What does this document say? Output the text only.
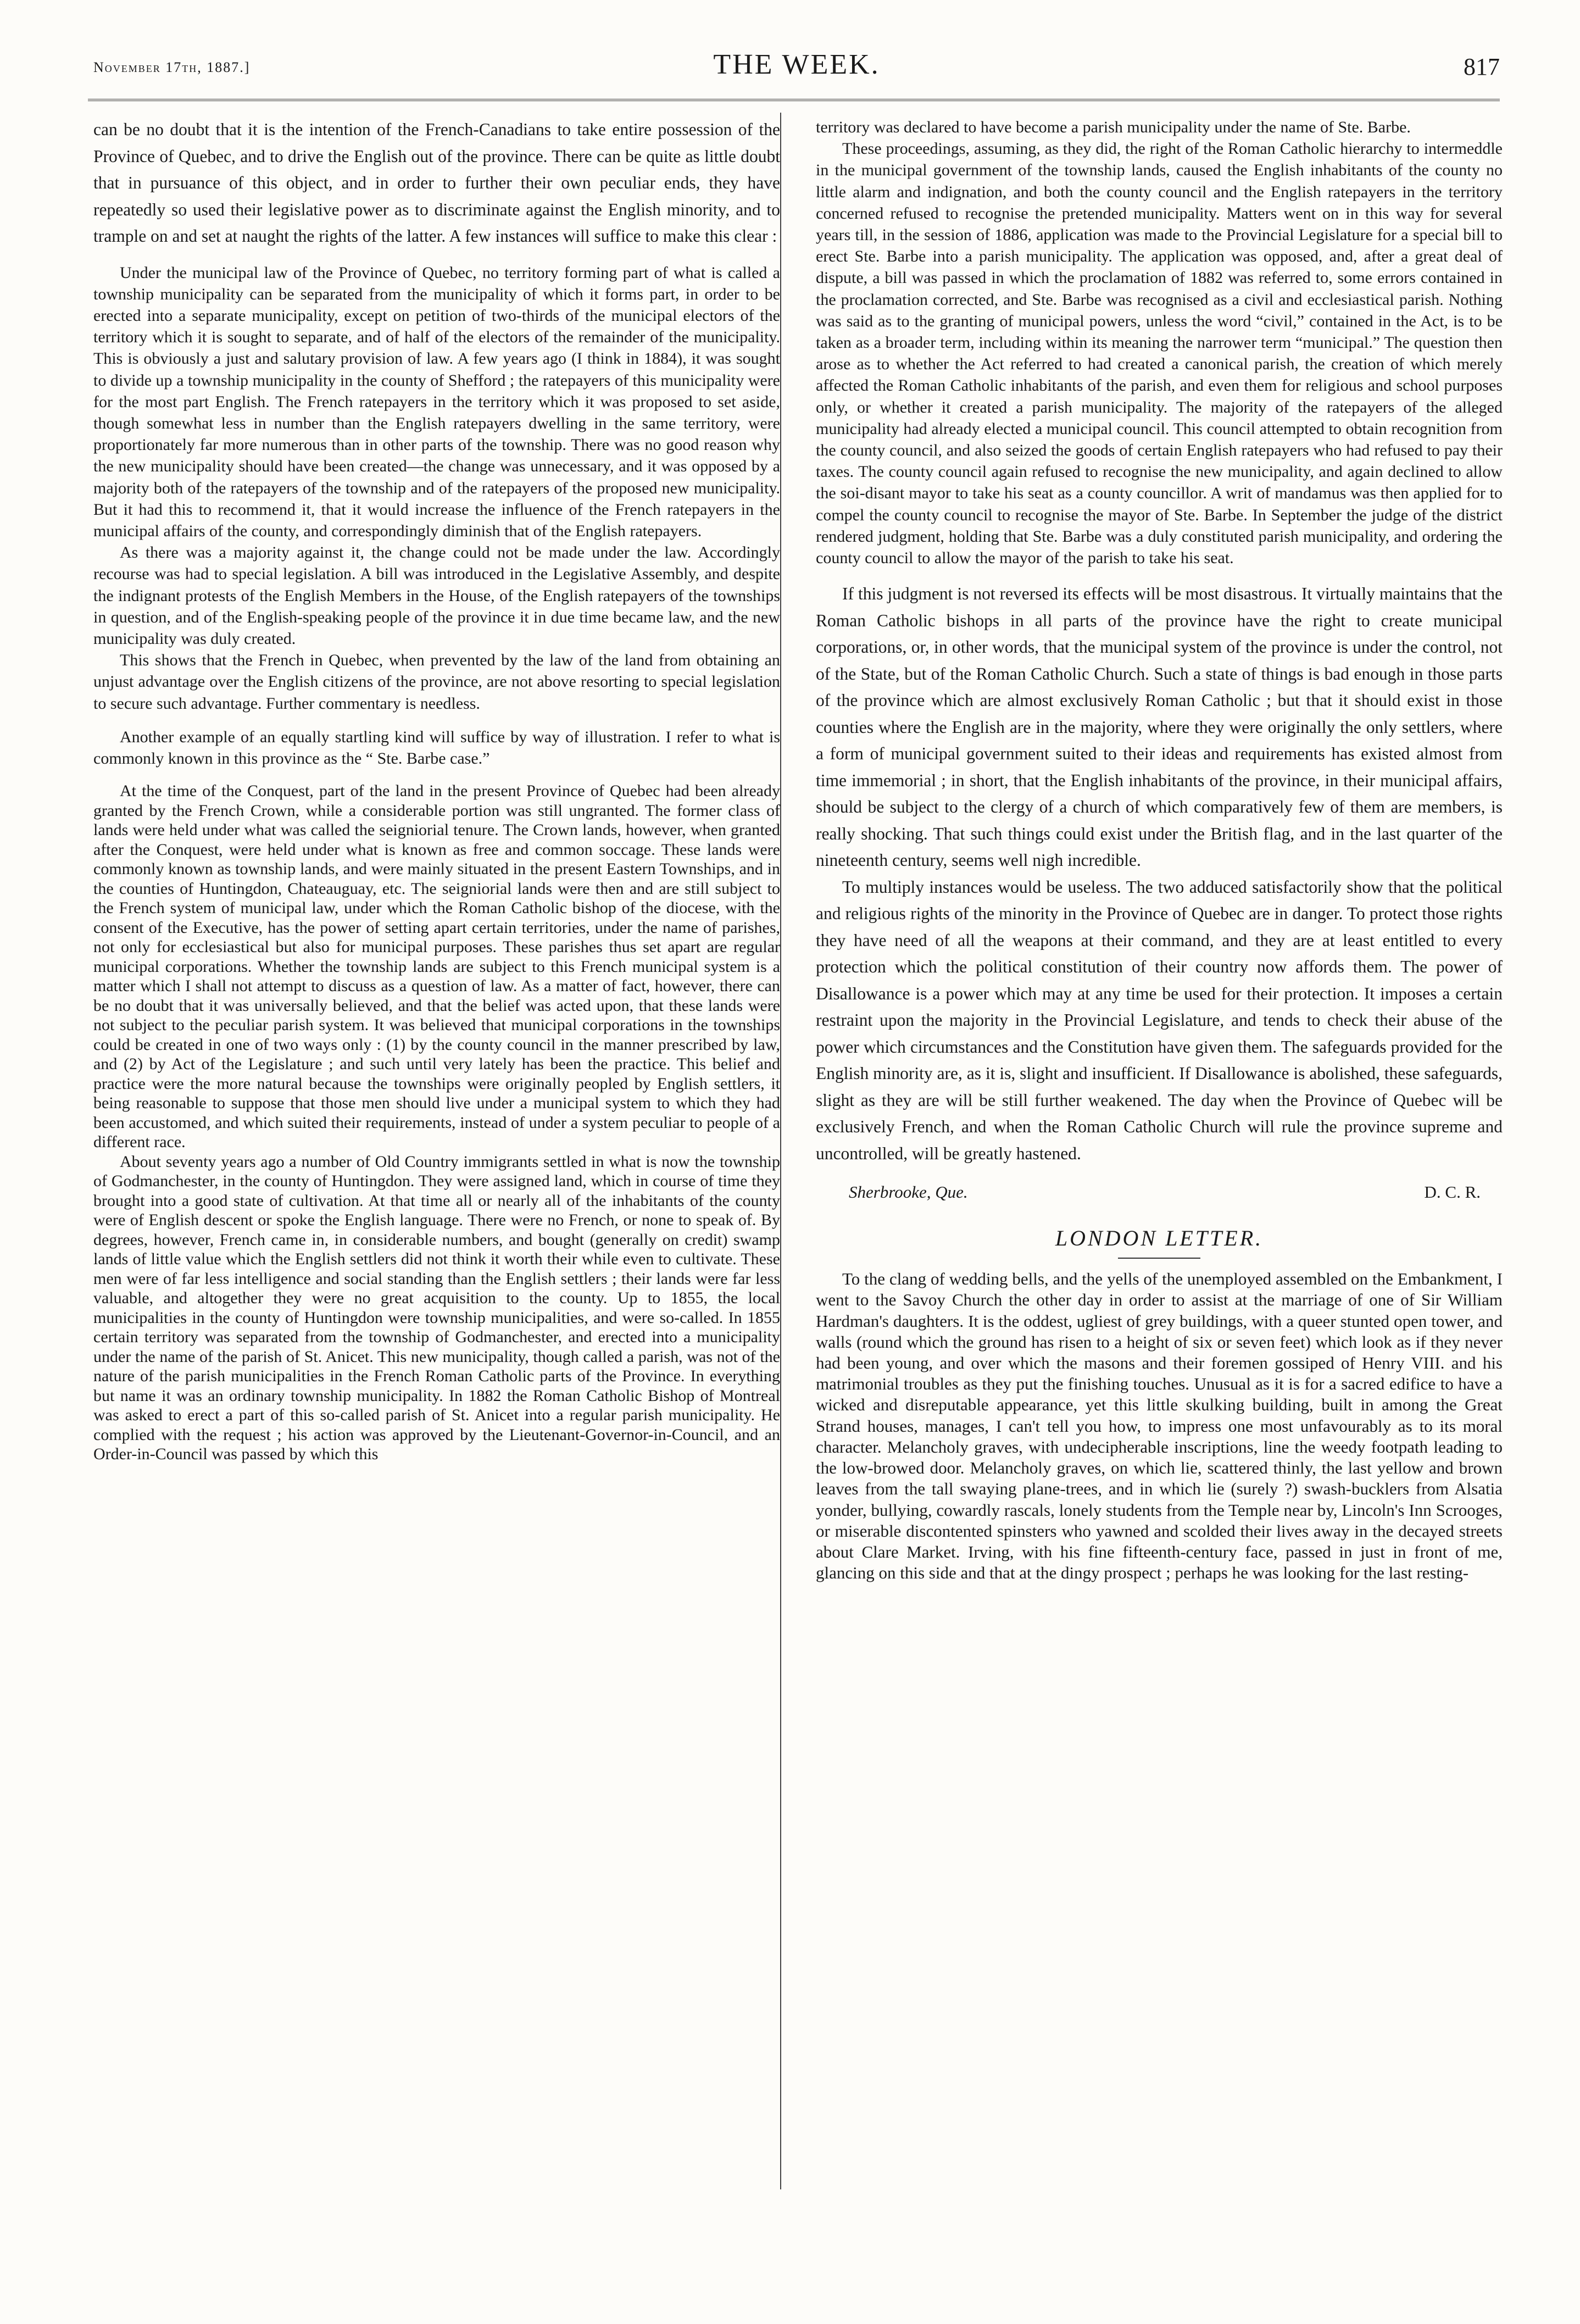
November 17th, 1887.]	THE WEEK.	817

can be no doubt that it is the intention of the French-Canadians to take entire possession of the Province of Quebec, and to drive the English out of the province. There can be quite as little doubt that in pursuance of this object, and in order to further their own peculiar ends, they have repeatedly so used their legislative power as to discriminate against the English minority, and to trample on and set at naught the rights of the latter. A few instances will suffice to make this clear :

Under the municipal law of the Province of Quebec, no territory forming part of what is called a township municipality can be separated from the municipality of which it forms part, in order to be erected into a separate municipality, except on petition of two-thirds of the municipal electors of the territory which it is sought to separate, and of half of the electors of the remainder of the municipality. This is obviously a just and salutary provision of law. A few years ago (I think in 1884), it was sought to divide up a township municipality in the county of Shefford ; the ratepayers of this municipality were for the most part English. The French ratepayers in the territory which it was proposed to set aside, though somewhat less in number than the English ratepayers dwelling in the same territory, were proportionately far more numerous than in other parts of the township. There was no good reason why the new municipality should have been created—the change was unnecessary, and it was opposed by a majority both of the ratepayers of the township and of the ratepayers of the proposed new municipality. But it had this to recommend it, that it would increase the influence of the French ratepayers in the municipal affairs of the county, and correspondingly diminish that of the English ratepayers.

As there was a majority against it, the change could not be made under the law. Accordingly recourse was had to special legislation. A bill was introduced in the Legislative Assembly, and despite the indignant protests of the English Members in the House, of the English ratepayers of the townships in question, and of the English-speaking people of the province it in due time became law, and the new municipality was duly created.

This shows that the French in Quebec, when prevented by the law of the land from obtaining an unjust advantage over the English citizens of the province, are not above resorting to special legislation to secure such advantage. Further commentary is needless.

Another example of an equally startling kind will suffice by way of illustration. I refer to what is commonly known in this province as the “ Ste. Barbe case.”

At the time of the Conquest, part of the land in the present Province of Quebec had been already granted by the French Crown, while a considerable portion was still ungranted. The former class of lands were held under what was called the seigniorial tenure. The Crown lands, however, when granted after the Conquest, were held under what is known as free and common soccage. These lands were commonly known as township lands, and were mainly situated in the present Eastern Townships, and in the counties of Huntingdon, Chateauguay, etc. The seigniorial lands were then and are still subject to the French system of municipal law, under which the Roman Catholic bishop of the diocese, with the consent of the Executive, has the power of setting apart certain territories, under the name of parishes, not only for ecclesiastical but also for municipal purposes. These parishes thus set apart are regular municipal corporations. Whether the township lands are subject to this French municipal system is a matter which I shall not attempt to discuss as a question of law. As a matter of fact, however, there can be no doubt that it was universally believed, and that the belief was acted upon, that these lands were not subject to the peculiar parish system. It was believed that municipal corporations in the townships could be created in one of two ways only : (1) by the county council in the manner prescribed by law, and (2) by Act of the Legislature ; and such until very lately has been the practice. This belief and practice were the more natural because the townships were originally peopled by English settlers, it being reasonable to suppose that those men should live under a municipal system to which they had been accustomed, and which suited their requirements, instead of under a system peculiar to people of a different race.

About seventy years ago a number of Old Country immigrants settled in what is now the township of Godmanchester, in the county of Huntingdon. They were assigned land, which in course of time they brought into a good state of cultivation. At that time all or nearly all of the inhabitants of the county were of English descent or spoke the English language. There were no French, or none to speak of. By degrees, however, French came in, in considerable numbers, and bought (generally on credit) swamp lands of little value which the English settlers did not think it worth their while even to cultivate. These men were of far less intelligence and social standing than the English settlers ; their lands were far less valuable, and altogether they were no great acquisition to the county. Up to 1855, the local municipalities in the county of Huntingdon were township municipalities, and were so-called. In 1855 certain territory was separated from the township of Godmanchester, and erected into a municipality under the name of the parish of St. Anicet. This new municipality, though called a parish, was not of the nature of the parish municipalities in the French Roman Catholic parts of the Province. In everything but name it was an ordinary township municipality. In 1882 the Roman Catholic Bishop of Montreal was asked to erect a part of this so-called parish of St. Anicet into a regular parish municipality. He complied with the request ; his action was approved by the Lieutenant-Governor-in-Council, and an Order-in-Council was passed by which this

territory was declared to have become a parish municipality under the name of Ste. Barbe.

These proceedings, assuming, as they did, the right of the Roman Catholic hierarchy to intermeddle in the municipal government of the township lands, caused the English inhabitants of the county no little alarm and indignation, and both the county council and the English ratepayers in the territory concerned refused to recognise the pretended municipality. Matters went on in this way for several years till, in the session of 1886, application was made to the Provincial Legislature for a special bill to erect Ste. Barbe into a parish municipality. The application was opposed, and, after a great deal of dispute, a bill was passed in which the proclamation of 1882 was referred to, some errors contained in the proclamation corrected, and Ste. Barbe was recognised as a civil and ecclesiastical parish. Nothing was said as to the granting of municipal powers, unless the word “civil,” contained in the Act, is to be taken as a broader term, including within its meaning the narrower term “municipal.” The question then arose as to whether the Act referred to had created a canonical parish, the creation of which merely affected the Roman Catholic inhabitants of the parish, and even them for religious and school purposes only, or whether it created a parish municipality. The majority of the ratepayers of the alleged municipality had already elected a municipal council. This council attempted to obtain recognition from the county council, and also seized the goods of certain English ratepayers who had refused to pay their taxes. The county council again refused to recognise the new municipality, and again declined to allow the soi-disant mayor to take his seat as a county councillor. A writ of mandamus was then applied for to compel the county council to recognise the mayor of Ste. Barbe. In September the judge of the district rendered judgment, holding that Ste. Barbe was a duly constituted parish municipality, and ordering the county council to allow the mayor of the parish to take his seat.

If this judgment is not reversed its effects will be most disastrous. It virtually maintains that the Roman Catholic bishops in all parts of the province have the right to create municipal corporations, or, in other words, that the municipal system of the province is under the control, not of the State, but of the Roman Catholic Church. Such a state of things is bad enough in those parts of the province which are almost exclusively Roman Catholic ; but that it should exist in those counties where the English are in the majority, where they were originally the only settlers, where a form of municipal government suited to their ideas and requirements has existed almost from time immemorial ; in short, that the English inhabitants of the province, in their municipal affairs, should be subject to the clergy of a church of which comparatively few of them are members, is really shocking. That such things could exist under the British flag, and in the last quarter of the nineteenth century, seems well nigh incredible.

To multiply instances would be useless. The two adduced satisfactorily show that the political and religious rights of the minority in the Province of Quebec are in danger. To protect those rights they have need of all the weapons at their command, and they are at least entitled to every protection which the political constitution of their country now affords them. The power of Disallowance is a power which may at any time be used for their protection. It imposes a certain restraint upon the majority in the Provincial Legislature, and tends to check their abuse of the power which circumstances and the Constitution have given them. The safeguards provided for the English minority are, as it is, slight and insufficient. If Disallowance is abolished, these safeguards, slight as they are will be still further weakened. The day when the Province of Quebec will be exclusively French, and when the Roman Catholic Church will rule the province supreme and uncontrolled, will be greatly hastened.

Sherbrooke, Que.	D. C. R.
LONDON LETTER.

To the clang of wedding bells, and the yells of the unemployed assembled on the Embankment, I went to the Savoy Church the other day in order to assist at the marriage of one of Sir William Hardman's daughters. It is the oddest, ugliest of grey buildings, with a queer stunted open tower, and walls (round which the ground has risen to a height of six or seven feet) which look as if they never had been young, and over which the masons and their foremen gossiped of Henry VIII. and his matrimonial troubles as they put the finishing touches. Unusual as it is for a sacred edifice to have a wicked and disreputable appearance, yet this little skulking building, built in among the Great Strand houses, manages, I can't tell you how, to impress one most unfavourably as to its moral character. Melancholy graves, with undecipherable inscriptions, line the weedy footpath leading to the low-browed door. Melancholy graves, on which lie, scattered thinly, the last yellow and brown leaves from the tall swaying plane-trees, and in which lie (surely ?) swash-bucklers from Alsatia yonder, bullying, cowardly rascals, lonely students from the Temple near by, Lincoln's Inn Scrooges, or miserable discontented spinsters who yawned and scolded their lives away in the decayed streets about Clare Market. Irving, with his fine fifteenth-century face, passed in just in front of me, glancing on this side and that at the dingy prospect ; perhaps he was looking for the last resting-
